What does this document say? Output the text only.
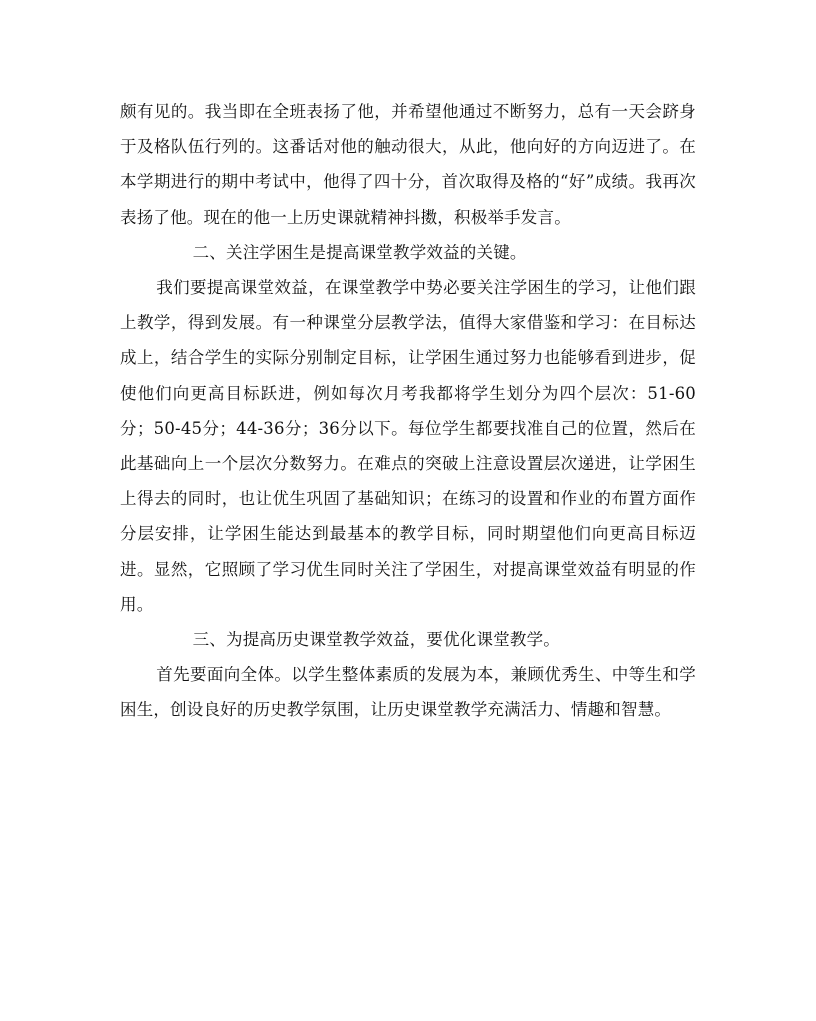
颇有见的。我当即在全班表扬了他，并希望他通过不断努力，总有一天会跻身于及格队伍行列的。这番话对他的触动很大，从此，他向好的方向迈进了。在本学期进行的期中考试中，他得了四十分，首次取得及格的“好”成绩。我再次表扬了他。现在的他一上历史课就精神抖擞，积极举手发言。

二、关注学困生是提高课堂教学效益的关键。

我们要提高课堂效益，在课堂教学中势必要关注学困生的学习，让他们跟上教学，得到发展。有一种课堂分层教学法，值得大家借鉴和学习：在目标达成上，结合学生的实际分别制定目标，让学困生通过努力也能够看到进步，促使他们向更高目标跃进，例如每次月考我都将学生划分为四个层次：51-60分；50-45分；44-36分；36分以下。每位学生都要找准自己的位置，然后在此基础向上一个层次分数努力。在难点的突破上注意设置层次递进，让学困生上得去的同时，也让优生巩固了基础知识；在练习的设置和作业的布置方面作分层安排，让学困生能达到最基本的教学目标，同时期望他们向更高目标迈进。显然，它照顾了学习优生同时关注了学困生，对提高课堂效益有明显的作用。

三、为提高历史课堂教学效益，要优化课堂教学。

首先要面向全体。以学生整体素质的发展为本，兼顾优秀生、中等生和学困生，创设良好的历史教学氛围，让历史课堂教学充满活力、情趣和智慧。
